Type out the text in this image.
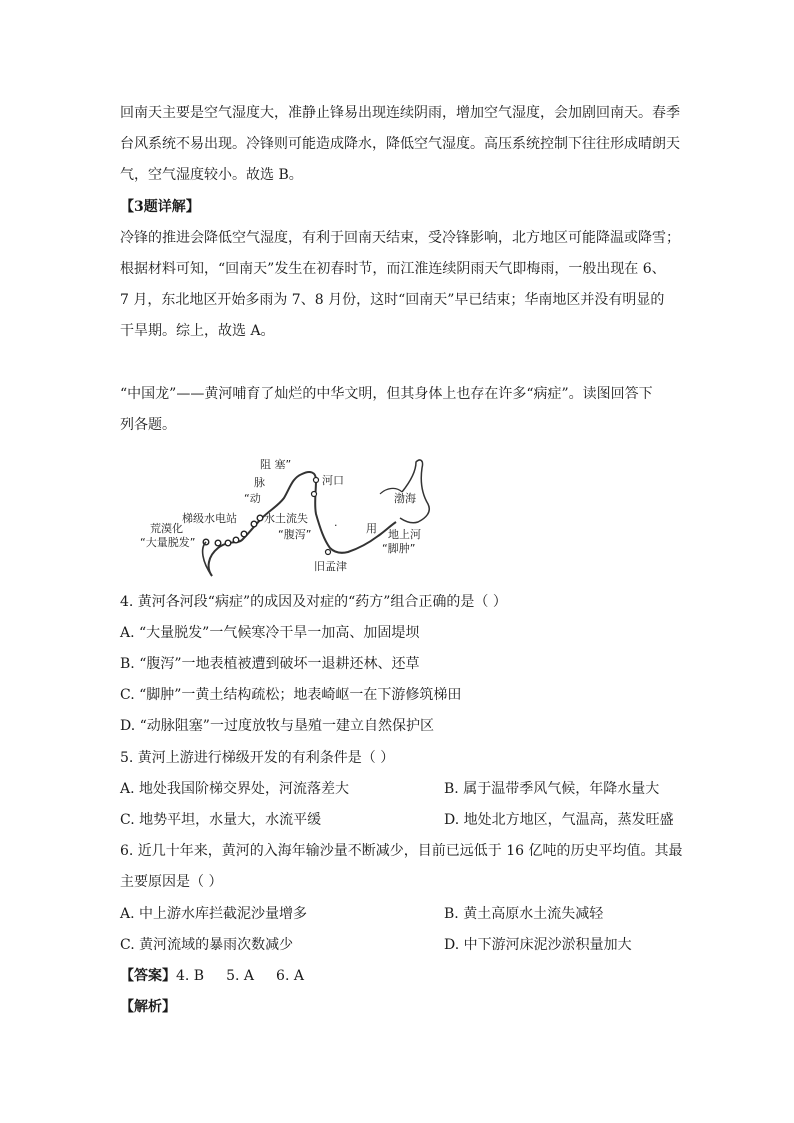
回南天主要是空气湿度大，准静止锋易出现连续阴雨，增加空气湿度，会加剧回南天。春季
台风系统不易出现。冷锋则可能造成降水，降低空气湿度。高压系统控制下往往形成晴朗天
气，空气湿度较小。故选 B。
【3题详解】
冷锋的推进会降低空气湿度，有利于回南天结束，受冷锋影响，北方地区可能降温或降雪；
根据材料可知，“回南天”发生在初春时节，而江淮连续阴雨天气即梅雨，一般出现在 6、
7 月，东北地区开始多雨为 7、8 月份，这时“回南天”早已结束；华南地区并没有明显的
干旱期。综上，故选 A。
“中国龙”——黄河哺育了灿烂的中华文明，但其身体上也存在许多“病症”。读图回答下
列各题。
阻 塞”
脉
“动
河口
渤海
梯级水电站 水土流失
“腹泻”
荒漠化
“大量脱发”
旧孟津
用 地上河
“脚肿”
.
4. 黄河各河段“病症”的成因及对症的“药方”组合正确的是（ ）
A. “大量脱发”一气候寒冷干旱一加高、加固堤坝
B. “腹泻”一地表植被遭到破坏一退耕还林、还草
C. “脚肿”一黄土结构疏松；地表崎岖一在下游修筑梯田
D. “动脉阻塞”一过度放牧与垦殖一建立自然保护区
5. 黄河上游进行梯级开发的有利条件是（ ）
A. 地处我国阶梯交界处，河流落差大	B. 属于温带季风气候，年降水量大
C. 地势平坦，水量大，水流平缓	D. 地处北方地区，气温高，蒸发旺盛
6. 近几十年来，黄河的入海年输沙量不断减少，目前已远低于 16 亿吨的历史平均值。其最
主要原因是（ ）
A. 中上游水库拦截泥沙量增多	B. 黄土高原水土流失减轻
C. 黄河流域的暴雨次数减少	D. 中下游河床泥沙淤积量加大
【答案】4. B 5. A 6. A
【解析】
